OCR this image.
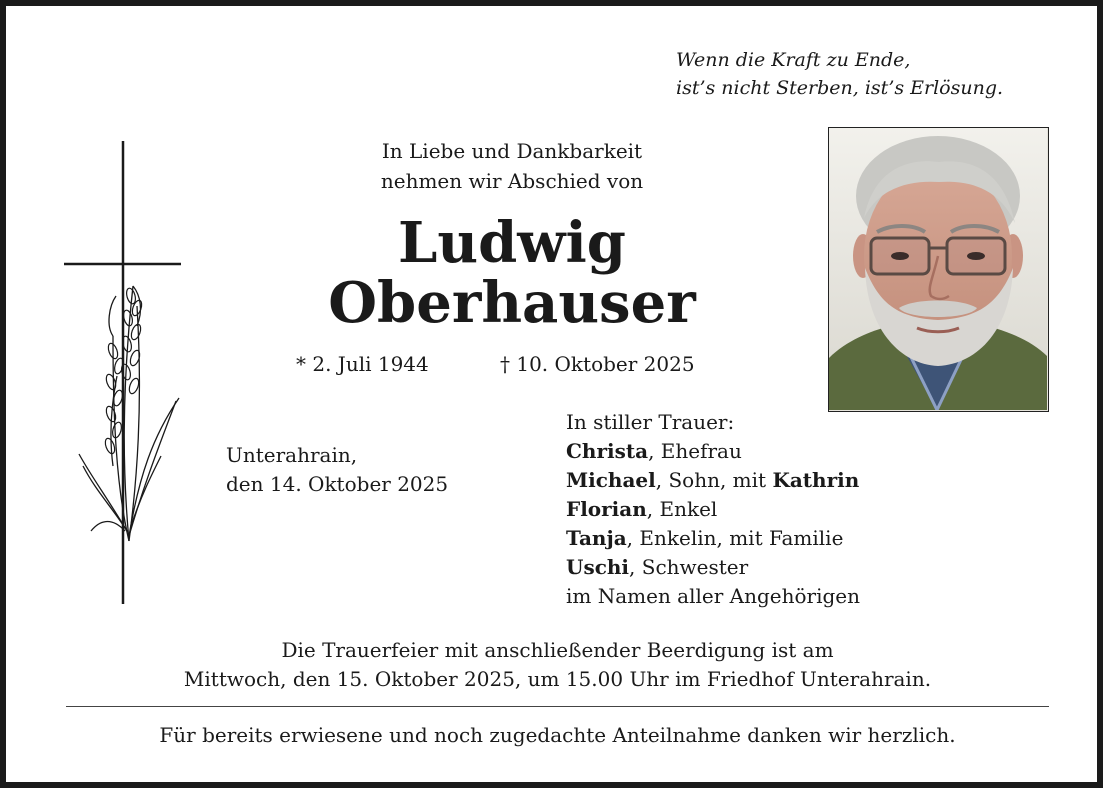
Wenn die Kraft zu Ende,
ist’s nicht Sterben, ist’s Erlösung.
In Liebe und Dankbarkeit
nehmen wir Abschied von
Ludwig
Oberhauser
* 2. Juli 1944	† 10. Oktober 2025
Unterahrain,
den 14. Oktober 2025
In stiller Trauer:
Christa, Ehefrau
Michael, Sohn, mit Kathrin
Florian, Enkel
Tanja, Enkelin, mit Familie
Uschi, Schwester
im Namen aller Angehörigen
Die Trauerfeier mit anschließender Beerdigung ist am
Mittwoch, den 15. Oktober 2025, um 15.00 Uhr im Friedhof Unterahrain.
Für bereits erwiesene und noch zugedachte Anteilnahme danken wir herzlich.
